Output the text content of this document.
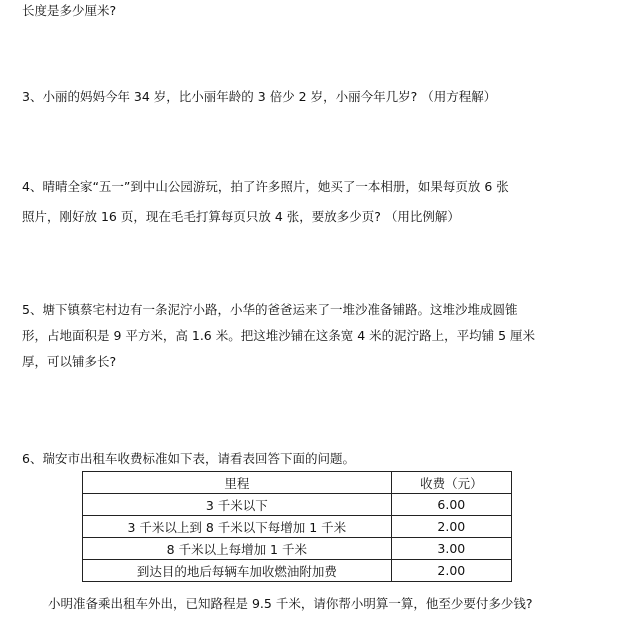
长度是多少厘米?
3、小丽的妈妈今年 34 岁，比小丽年龄的 3 倍少 2 岁，小丽今年几岁? （用方程解）
4、晴晴全家“五一”到中山公园游玩，拍了许多照片，她买了一本相册，如果每页放 6 张
照片，刚好放 16 页，现在毛毛打算每页只放 4 张，要放多少页? （用比例解）
5、塘下镇蔡宅村边有一条泥泞小路，小华的爸爸运来了一堆沙准备铺路。这堆沙堆成圆锥
形，占地面积是 9 平方米，高 1.6 米。把这堆沙铺在这条宽 4 米的泥泞路上，平均铺 5 厘米
厚，可以铺多长?
6、瑞安市出租车收费标准如下表，请看表回答下面的问题。
里程	收费（元）
3 千米以下	6.00
3 千米以上到 8 千米以下每增加 1 千米	2.00
8 千米以上每增加 1 千米	3.00
到达目的地后每辆车加收燃油附加费	2.00
小明准备乘出租车外出，已知路程是 9.5 千米，请你帮小明算一算，他至少要付多少钱?
